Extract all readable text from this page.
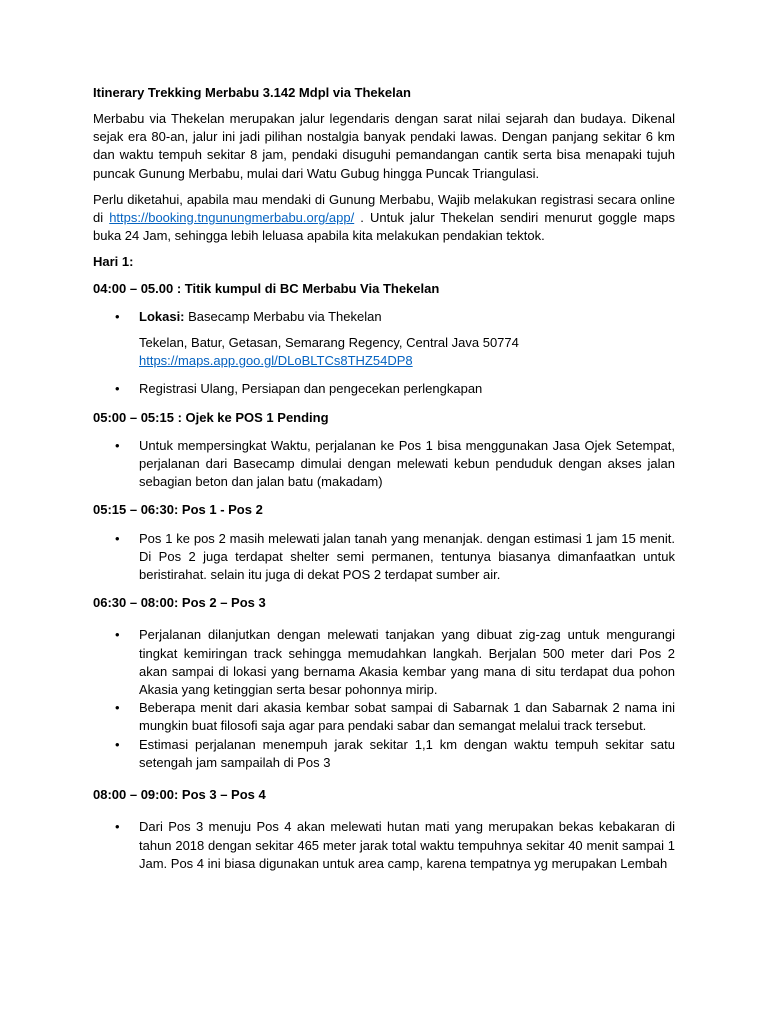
Itinerary Trekking Merbabu 3.142 Mdpl via Thekelan

Merbabu via Thekelan merupakan jalur legendaris dengan sarat nilai sejarah dan budaya. Dikenal sejak era 80-an, jalur ini jadi pilihan nostalgia banyak pendaki lawas. Dengan panjang sekitar 6 km dan waktu tempuh sekitar 8 jam, pendaki disuguhi pemandangan cantik serta bisa menapaki tujuh puncak Gunung Merbabu, mulai dari Watu Gubug hingga Puncak Triangulasi.

Perlu diketahui, apabila mau mendaki di Gunung Merbabu, Wajib melakukan registrasi secara online di https://booking.tngunungmerbabu.org/app/ . Untuk jalur Thekelan sendiri menurut goggle maps buka 24 Jam, sehingga lebih leluasa apabila kita melakukan pendakian tektok.

Hari 1:
04:00 – 05.00 : Titik kumpul di BC Merbabu Via Thekelan
• Lokasi: Basecamp Merbabu via Thekelan
Tekelan, Batur, Getasan, Semarang Regency, Central Java 50774
https://maps.app.goo.gl/DLoBLTCs8THZ54DP8
• Registrasi Ulang, Persiapan dan pengecekan perlengkapan
05:00 – 05:15 : Ojek ke POS 1 Pending
• Untuk mempersingkat Waktu, perjalanan ke Pos 1 bisa menggunakan Jasa Ojek Setempat, perjalanan dari Basecamp dimulai dengan melewati kebun penduduk dengan akses jalan sebagian beton dan jalan batu (makadam)
05:15 – 06:30: Pos 1 - Pos 2
• Pos 1 ke pos 2 masih melewati jalan tanah yang menanjak. dengan estimasi 1 jam 15 menit. Di Pos 2 juga terdapat shelter semi permanen, tentunya biasanya dimanfaatkan untuk beristirahat. selain itu juga di dekat POS 2 terdapat sumber air.
06:30 – 08:00: Pos 2 – Pos 3
• Perjalanan dilanjutkan dengan melewati tanjakan yang dibuat zig-zag untuk mengurangi tingkat kemiringan track sehingga memudahkan langkah. Berjalan 500 meter dari Pos 2 akan sampai di lokasi yang bernama Akasia kembar yang mana di situ terdapat dua pohon Akasia yang ketinggian serta besar pohonnya mirip.
• Beberapa menit dari akasia kembar sobat sampai di Sabarnak 1 dan Sabarnak 2 nama ini mungkin buat filosofi saja agar para pendaki sabar dan semangat melalui track tersebut.
• Estimasi perjalanan menempuh jarak sekitar 1,1 km dengan waktu tempuh sekitar satu setengah jam sampailah di Pos 3
08:00 – 09:00: Pos 3 – Pos 4
• Dari Pos 3 menuju Pos 4 akan melewati hutan mati yang merupakan bekas kebakaran di tahun 2018 dengan sekitar 465 meter jarak total waktu tempuhnya sekitar 40 menit sampai 1 Jam. Pos 4 ini biasa digunakan untuk area camp, karena tempatnya yg merupakan Lembah
